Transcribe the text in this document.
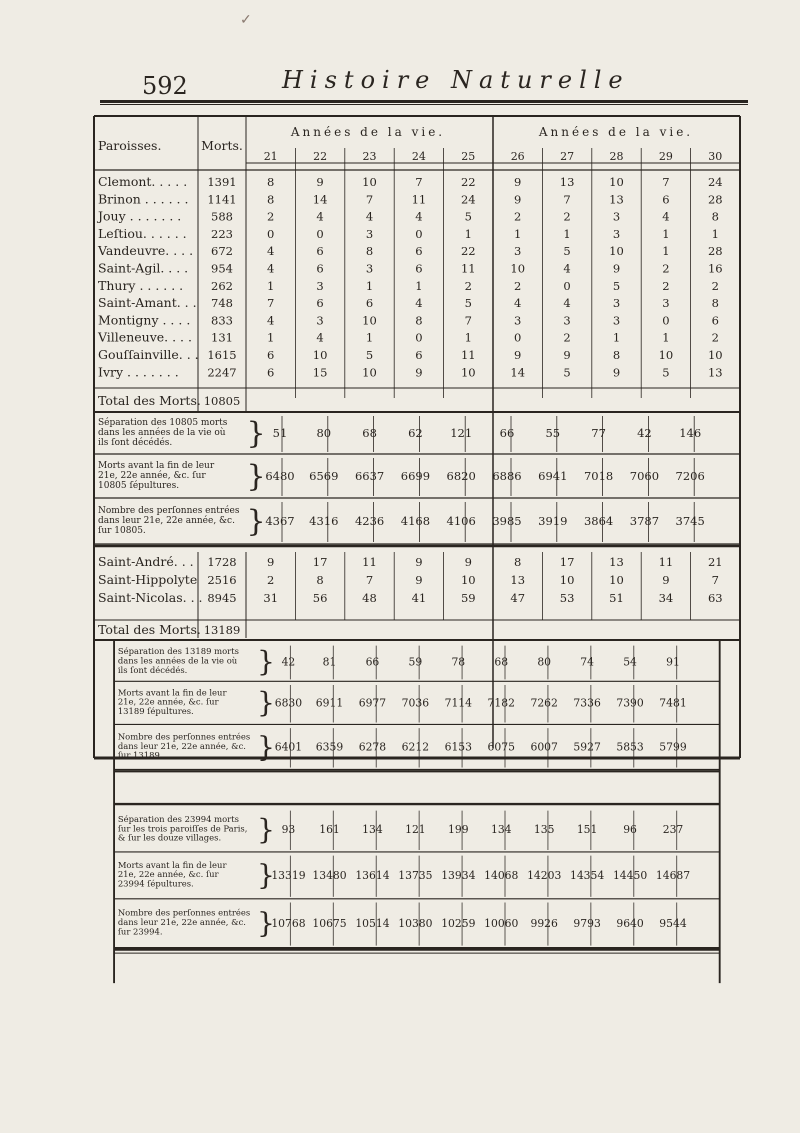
592	Histoire Naturelle
✓
Paroisses.	Morts.
Années de la vie.	Années de la vie.
21	22	23	24	25	26	27	28	29	30
Clemont. . . . . 1391	8	9	10	7	22	9	13	10	7	24
Brinon . . . . . . 1141	8	14	7	11	24	9	7	13	6	28
Jouy . . . . . . .	588	2	4	4	4	5	2	2	3	4	8
Leſtiou. . . . . . 223	0	0	3	0	1	1	1	3	1	1
Vandeuvre. . . . 672	4	6	8	6	22	3	5	10	1	28
Saint-Agil. . . . 954	4	6	3	6	11	10	4	9	2	16
Thury . . . . . . 262	1	3	1	1	2	2	0	5	2	2
Saint-Amant. . . 748	7	6	6	4	5	4	4	3	3	8
Montigny . . . . 833	4	3	10	8	7	3	3	3	0	6
Villeneuve. . . . 131	1	4	1	0	1	0	2	1	1	2
Gouſſainville. . . 1615	6	10	5	6	11	9	9	8	10	10
Ivry . . . . . . . 2247	6	15	10	9	10	14	5	9	5	13
Total des Morts. 10805
Séparation des 10805 morts
dans les années de la vie où
ils ſont décédés. } 51	80	68	62 121 66	55	77	42 146
Morts avant la fin de leur
21e, 22e année, &c. ſur
10805 ſépultures. } 6480 6569 6637 6699 6820 6886 6941 7018 7060 7206
Nombre des perſonnes entrées
dans leur 21e, 22e année, &c.
ſur 10805.	} 4367 4316 4236 4168 4106 3985 3919 3864 3787 3745
Saint-André. . . 1728	9	17	11	9	9	8	17	13	11	21
Saint-Hippolyte 2516	2	8	7	9	10	13	10	10	9	7
Saint-Nicolas. . . 8945 31	56	48	41	59	47	53	51	34	63
Total des Morts. 13189
Séparation des 13189 morts
dans les années de la vie où
ils ſont décédés. } 42 81	66	59	78	68	80	74	54	91
Morts avant la fin de leur
21e, 22e année, &c. ſur
13189 ſépultures. } 6830 6911 6977 7036 7114 7182 7262 7336 7390 7481
Nombre des perſonnes entrées
dans leur 21e, 22e année, &c.
ſur 13189.	} 6401 6359 6278 6212 6153 6075 6007 5927 5853 5799
Séparation des 23994 morts
ſur les trois paroiſſes de Paris,
& ſur les douze villages. } 93 161 134 121 199 134 135 151 96 237
Morts avant la fin de leur
21e, 22e année, &c. ſur
23994 ſépultures. }
13319 13480 13614 13735 13934 14068 14203 14354 14450 14687
Nombre des perſonnes entrées
dans leur 21e, 22e année, &c.
ſur 23994.	}
10768 10675 10514 10380 10259 10060 9926 9793 9640 9544
